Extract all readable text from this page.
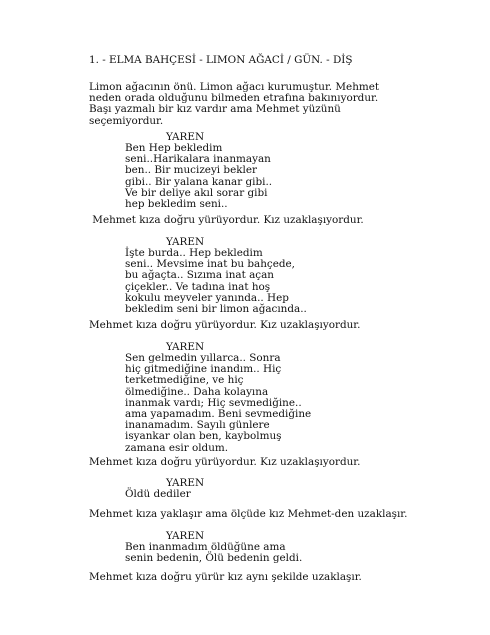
1. - ELMA BAHÇESİ - LIMON AĞACİ / GÜN. - DİŞ
Limon ağacının önü. Limon ağacı kurumuştur. Mehmet
neden orada olduğunu bilmeden etrafına bakınıyordur.
Başı yazmalı bir kız vardır ama Mehmet yüzünü
seçemiyordur.
YAREN
Ben Hep bekledim
seni..Harikalara inanmayan
ben.. Bir mucizeyi bekler
gibi.. Bir yalana kanar gibi..
Ve bir deliye akıl sorar gibi
hep bekledim seni..
Mehmet kıza doğru yürüyordur. Kız uzaklaşıyordur.
YAREN
İşte burda.. Hep bekledim
seni.. Mevsime inat bu bahçede,
bu ağaçta.. Sızıma inat açan
çiçekler.. Ve tadına inat hoş
kokulu meyveler yanında.. Hep
bekledim seni bir limon ağacında..
Mehmet kıza doğru yürüyordur. Kız uzaklaşıyordur.
YAREN
Sen gelmedin yıllarca.. Sonra
hiç gitmediğine inandım.. Hiç
terketmediğine, ve hiç
ölmediğine.. Daha kolayına
inanmak vardı; Hiç sevmediğine..
ama yapamadım. Beni sevmediğine
inanamadım. Sayılı günlere
isyankar olan ben, kaybolmuş
zamana esir oldum.
Mehmet kıza doğru yürüyordur. Kız uzaklaşıyordur.
YAREN
Öldü dediler
Mehmet kıza yaklaşır ama ölçüde kız Mehmet-den uzaklaşır.
YAREN
Ben inanmadım öldüğüne ama
senin bedenin, Ölü bedenin geldi.
Mehmet kıza doğru yürür kız aynı şekilde uzaklaşır.
